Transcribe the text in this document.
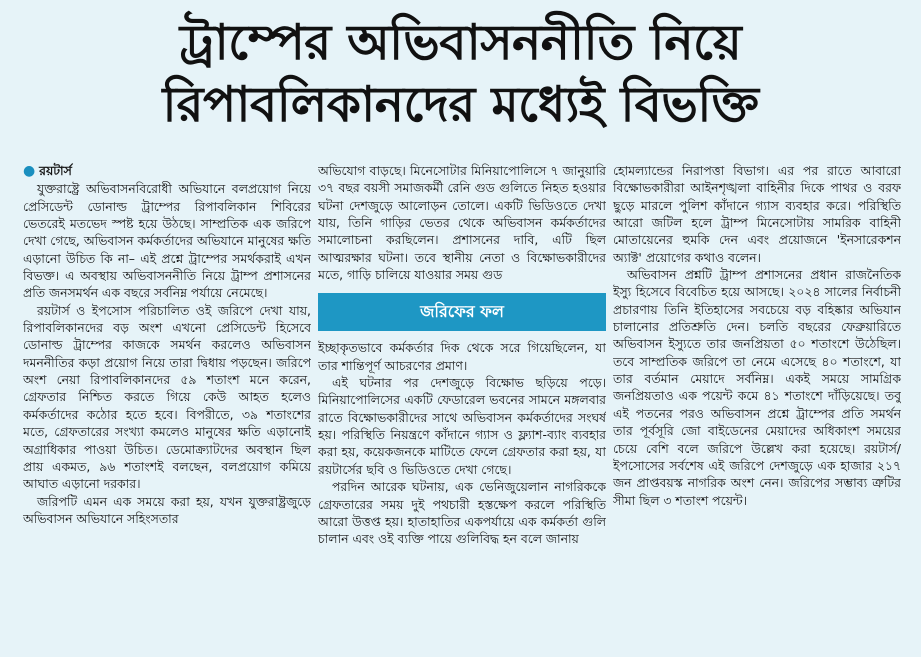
ট্রাম্পের অভিবাসননীতি নিয়ে
রিপাবলিকানদের মধ্যেই বিভক্তি

● রয়টার্স

যুক্তরাষ্ট্রে অভিবাসনবিরোধী অভিযানে বলপ্রয়োগ নিয়ে প্রেসিডেন্ট ডোনাল্ড ট্রাম্পের রিপাবলিকান শিবিরের ভেতরেই মতভেদ স্পষ্ট হয়ে উঠছে। সাম্প্রতিক এক জরিপে দেখা গেছে, অভিবাসন কর্মকর্তাদের অভিযানে মানুষের ক্ষতি এড়ানো উচিত কি না– এই প্রশ্নে ট্রাম্পের সমর্থকরাই এখন বিভক্ত। এ অবস্থায় অভিবাসননীতি নিয়ে ট্রাম্প প্রশাসনের প্রতি জনসমর্থন এক বছরে সর্বনিম্ন পর্যায়ে নেমেছে।

রয়টার্স ও ইপসোস পরিচালিত ওই জরিপে দেখা যায়, রিপাবলিকানদের বড় অংশ এখনো প্রেসিডেন্ট হিসেবে ডোনাল্ড ট্রাম্পের কাজকে সমর্থন করলেও অভিবাসন দমননীতির কড়া প্রয়োগ নিয়ে তারা দ্বিধায় পড়ছেন। জরিপে অংশ নেয়া রিপাবলিকানদের ৫৯ শতাংশ মনে করেন, গ্রেফতার নিশ্চিত করতে গিয়ে কেউ আহত হলেও কর্মকর্তাদের কঠোর হতে হবে। বিপরীতে, ৩৯ শতাংশের মতে, গ্রেফতারের সংখ্যা কমলেও মানুষের ক্ষতি এড়ানোই অগ্রাধিকার পাওয়া উচিত। ডেমোক্র্যাটদের অবস্থান ছিল প্রায় একমত, ৯৬ শতাংশই বলছেন, বলপ্রয়োগ কমিয়ে আঘাত এড়ানো দরকার।

জরিপটি এমন এক সময়ে করা হয়, যখন যুক্তরাষ্ট্রজুড়ে অভিবাসন অভিযানে সহিংসতার

অভিযোগ বাড়ছে। মিনেসোটার মিনিয়াপোলিসে ৭ জানুয়ারি ৩৭ বছর বয়সী সমাজকর্মী রেনি গুড গুলিতে নিহত হওয়ার ঘটনা দেশজুড়ে আলোড়ন তোলে। একটি ভিডিওতে দেখা যায়, তিনি গাড়ির ভেতর থেকে অভিবাসন কর্মকর্তাদের সমালোচনা করছিলেন। প্রশাসনের দাবি, এটি ছিল আত্মরক্ষার ঘটনা। তবে স্থানীয় নেতা ও বিক্ষোভকারীদের মতে, গাড়ি চালিয়ে যাওয়ার সময় গুড

জরিফের ফল

ইচ্ছাকৃতভাবে কর্মকর্তার দিক থেকে সরে গিয়েছিলেন, যা তার শান্তিপূর্ণ আচরণের প্রমাণ।

এই ঘটনার পর দেশজুড়ে বিক্ষোভ ছড়িয়ে পড়ে। মিনিয়াপোলিসের একটি ফেডারেল ভবনের সামনে মঙ্গলবার রাতে বিক্ষোভকারীদের সাথে অভিবাসন কর্মকর্তাদের সংঘর্ষ হয়। পরিস্থিতি নিয়ন্ত্রণে কাঁদানে গ্যাস ও ফ্ল্যাশ-ব্যাং ব্যবহার করা হয়, কয়েকজনকে মাটিতে ফেলে গ্রেফতার করা হয়, যা রয়টার্সের ছবি ও ভিডিওতে দেখা গেছে।

পরদিন আরেক ঘটনায়, এক ভেনিজুয়েলান নাগরিককে গ্রেফতারের সময় দুই পথচারী হস্তক্ষেপ করলে পরিস্থিতি আরো উত্তপ্ত হয়। হাতাহাতির একপর্যায়ে এক কর্মকর্তা গুলি চালান এবং ওই ব্যক্তি পায়ে গুলিবিদ্ধ হন বলে জানায়

হোমল্যান্ডের নিরাপত্তা বিভাগ। এর পর রাতে আবারো বিক্ষোভকারীরা আইনশৃঙ্খলা বাহিনীর দিকে পাথর ও বরফ ছুড়ে মারলে পুলিশ কাঁদানে গ্যাস ব্যবহার করে। পরিস্থিতি আরো জটিল হলে ট্রাম্প মিনেসোটায় সামরিক বাহিনী মোতায়েনের হুমকি দেন এবং প্রয়োজনে 'ইনসারেকশন অ্যাক্ট' প্রয়োগের কথাও বলেন।

অভিবাসন প্রশ্নটি ট্রাম্প প্রশাসনের প্রধান রাজনৈতিক ইস্যু হিসেবে বিবেচিত হয়ে আসছে। ২০২৪ সালের নির্বাচনী প্রচারণায় তিনি ইতিহাসের সবচেয়ে বড় বহিষ্কার অভিযান চালানোর প্রতিশ্রুতি দেন। চলতি বছরের ফেব্রুয়ারিতে অভিবাসন ইস্যুতে তার জনপ্রিয়তা ৫০ শতাংশে উঠেছিল। তবে সাম্প্রতিক জরিপে তা নেমে এসেছে ৪০ শতাংশে, যা তার বর্তমান মেয়াদে সর্বনিম্ন। একই সময়ে সামগ্রিক জনপ্রিয়তাও এক পয়েন্ট কমে ৪১ শতাংশে দাঁড়িয়েছে। তবু এই পতনের পরও অভিবাসন প্রশ্নে ট্রাম্পের প্রতি সমর্থন তার পূর্বসূরি জো বাইডেনের মেয়াদের অধিকাংশ সময়ের চেয়ে বেশি বলে জরিপে উল্লেখ করা হয়েছে। রয়টার্স/ইপসোসের সর্বশেষ এই জরিপে দেশজুড়ে এক হাজার ২১৭ জন প্রাপ্তবয়স্ক নাগরিক অংশ নেন। জরিপের সম্ভাব্য ত্রুটির সীমা ছিল ৩ শতাংশ পয়েন্ট।
